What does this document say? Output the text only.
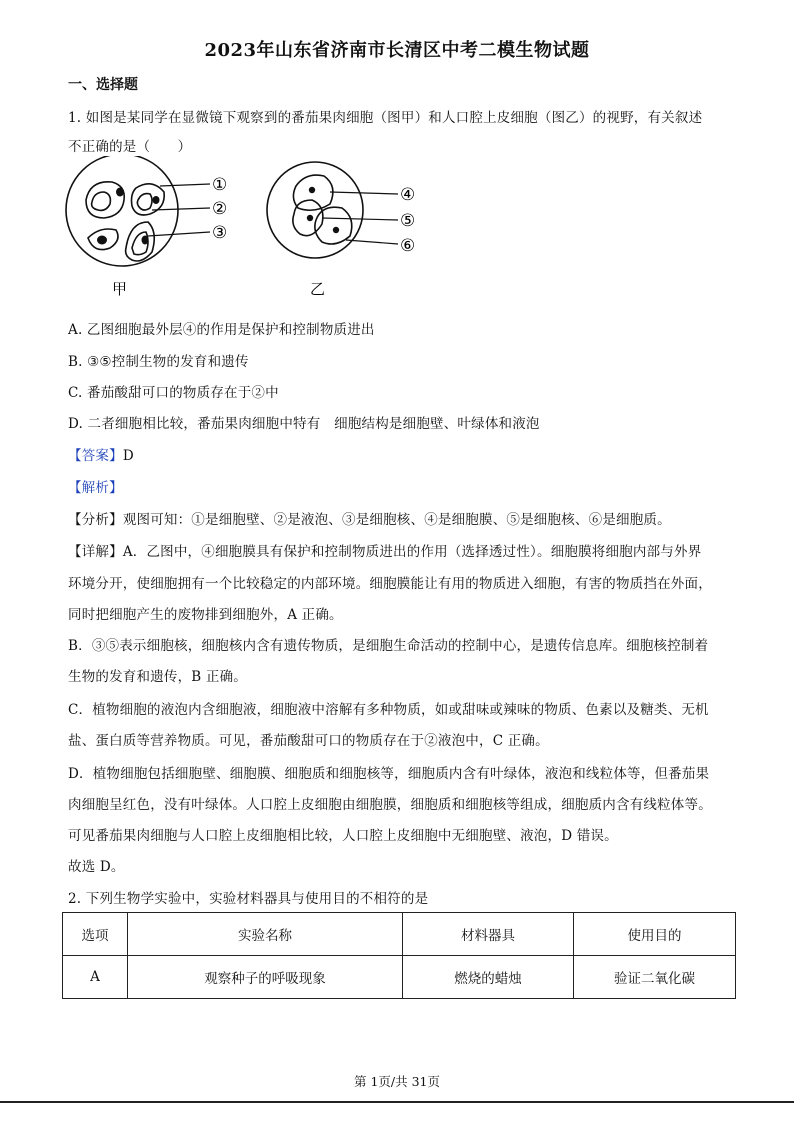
2023年山东省济南市长清区中考二模生物试题
一、选择题
1. 如图是某同学在显微镜下观察到的番茄果肉细胞（图甲）和人口腔上皮细胞（图乙）的视野，有关叙述
不正确的是（　　）
①
②
③
甲
④
⑤
⑥
乙
A. 乙图细胞最外层④的作用是保护和控制物质进出
B. ③⑤控制生物的发育和遗传
C. 番茄酸甜可口的物质存在于②中
D. 二者细胞相比较，番茄果肉细胞中特有　细胞结构是细胞壁、叶绿体和液泡
【答案】D
【解析】
【分析】观图可知：①是细胞壁、②是液泡、③是细胞核、④是细胞膜、⑤是细胞核、⑥是细胞质。
【详解】A．乙图中，④细胞膜具有保护和控制物质进出的作用（选择透过性）。细胞膜将细胞内部与外界
环境分开，使细胞拥有一个比较稳定的内部环境。细胞膜能让有用的物质进入细胞，有害的物质挡在外面，
同时把细胞产生的废物排到细胞外，A 正确。
B．③⑤表示细胞核，细胞核内含有遗传物质，是细胞生命活动的控制中心，是遗传信息库。细胞核控制着
生物的发育和遗传，B 正确。
C．植物细胞的液泡内含细胞液，细胞液中溶解有多种物质，如或甜味或辣味的物质、色素以及糖类、无机
盐、蛋白质等营养物质。可见，番茄酸甜可口的物质存在于②液泡中，C 正确。
D．植物细胞包括细胞壁、细胞膜、细胞质和细胞核等，细胞质内含有叶绿体，液泡和线粒体等，但番茄果
肉细胞呈红色，没有叶绿体。人口腔上皮细胞由细胞膜，细胞质和细胞核等组成，细胞质内含有线粒体等。
可见番茄果肉细胞与人口腔上皮细胞相比较，人口腔上皮细胞中无细胞壁、液泡，D 错误。
故选 D。
2. 下列生物学实验中，实验材料器具与使用目的不相符的是
选项	实验名称	材料器具	使用目的
A	观察种子的呼吸现象	燃烧的蜡烛	验证二氧化碳
第 1页/共 31页
